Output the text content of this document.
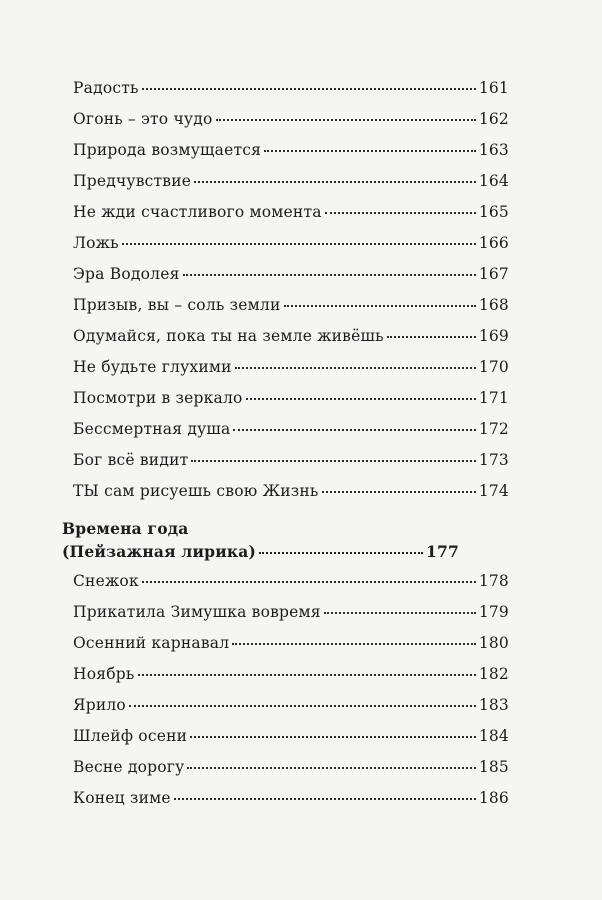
Радость	161
Огонь – это чудо	162
Природа возмущается	163
Предчувствие	164
Не жди счастливого момента	165
Ложь	166
Эра Водолея	167
Призыв, вы – соль земли	168
Одумайся, пока ты на земле живёшь	169
Не будьте глухими	170
Посмотри в зеркало	171
Бессмертная душа	172
Бог всё видит	173
ТЫ сам рисуешь свою Жизнь	174
Времена года
(Пейзажная лирика)	177
Снежок	178
Прикатила Зимушка вовремя	179
Осенний карнавал	180
Ноябрь	182
Ярило	183
Шлейф осени	184
Весне дорогу	185
Конец зиме	186
